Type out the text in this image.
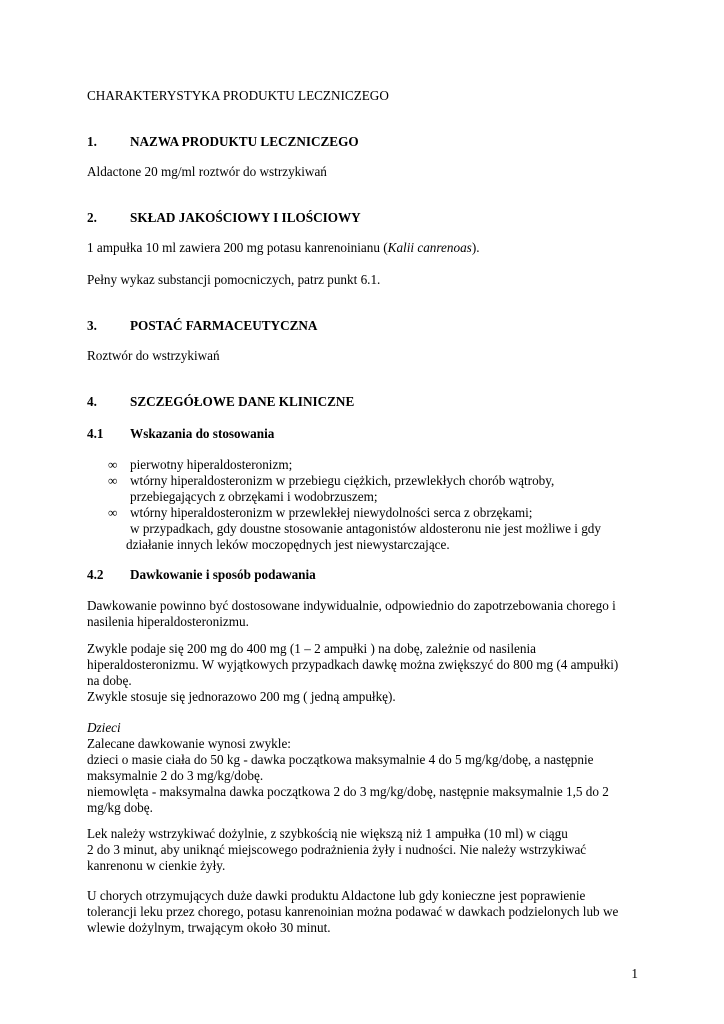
CHARAKTERYSTYKA PRODUKTU LECZNICZEGO
1.	NAZWA PRODUKTU LECZNICZEGO
Aldactone 20 mg/ml roztwór do wstrzykiwań
2.	SKŁAD JAKOŚCIOWY I ILOŚCIOWY
1 ampułka 10 ml zawiera 200 mg potasu kanrenoinianu (Kalii canrenoas).
Pełny wykaz substancji pomocniczych, patrz punkt 6.1.
3.	POSTAĆ FARMACEUTYCZNA
Roztwór do wstrzykiwań
4.	SZCZEGÓŁOWE DANE KLINICZNE
4.1 Wskazania do stosowania
∞ pierwotny hiperaldosteronizm;
∞ wtórny hiperaldosteronizm w przebiegu ciężkich, przewlekłych chorób wątroby,
przebiegających z obrzękami i wodobrzuszem;
∞ wtórny hiperaldosteronizm w przewlekłej niewydolności serca z obrzękami;
w przypadkach, gdy doustne stosowanie antagonistów aldosteronu nie jest możliwe i gdy
działanie innych leków moczopędnych jest niewystarczające.
4.2 Dawkowanie i sposób podawania
Dawkowanie powinno być dostosowane indywidualnie, odpowiednio do zapotrzebowania chorego i
nasilenia hiperaldosteronizmu.
Zwykle podaje się 200 mg do 400 mg (1 – 2 ampułki ) na dobę, zależnie od nasilenia
hiperaldosteronizmu. W wyjątkowych przypadkach dawkę można zwiększyć do 800 mg (4 ampułki)
na dobę.
Zwykle stosuje się jednorazowo 200 mg ( jedną ampułkę).
Dzieci
Zalecane dawkowanie wynosi zwykle:
dzieci o masie ciała do 50 kg - dawka początkowa maksymalnie 4 do 5 mg/kg/dobę, a następnie
maksymalnie 2 do 3 mg/kg/dobę.
niemowlęta - maksymalna dawka początkowa 2 do 3 mg/kg/dobę, następnie maksymalnie 1,5 do 2
mg/kg dobę.
Lek należy wstrzykiwać dożylnie, z szybkością nie większą niż 1 ampułka (10 ml) w ciągu
2 do 3 minut, aby uniknąć miejscowego podrażnienia żyły i nudności. Nie należy wstrzykiwać
kanrenonu w cienkie żyły.
U chorych otrzymujących duże dawki produktu Aldactone lub gdy konieczne jest poprawienie
tolerancji leku przez chorego, potasu kanrenoinian można podawać w dawkach podzielonych lub we
wlewie dożylnym, trwającym około 30 minut.
1
